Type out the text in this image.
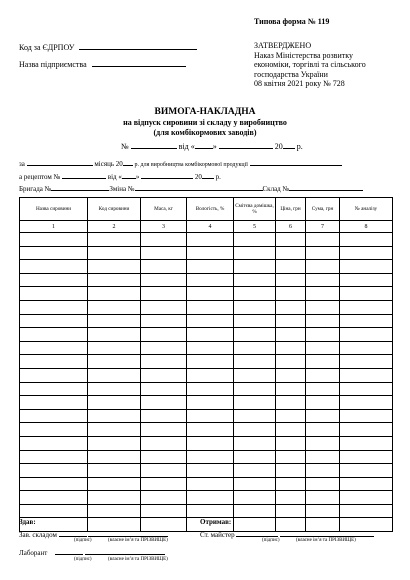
Типова форма № 119
Код за ЄДРПОУ
Назва підприємства
ЗАТВЕРДЖЕНО
Наказ Міністерства розвитку
економіки, торгівлі та сільського
господарства України
08 квітня 2021 року № 728
ВИМОГА-НАКЛАДНА
на відпуск сировини зі складу у виробництво
(для комбікормових заводів)
№	від « »	20 р.
за	місяць 20 р. для виробництва комбікормової продукції
а рецептом №	від « »	20 р.
Бригада №	Зміна №	Склад №
Назва сировини	Код сировини	Маса, кг	Вологість, %	Смітєва домішка, %	Ціна, грн	Сума, грн	№ аналізу
1	2	3	4	5	6	7	8

Здав:	Отримав:
Зав. складом
(підпис)	(власне ім’я та ПРІЗВИЩЕ)
Ст. майстер
(підпис)	(власне ім’я та ПРІЗВИЩЕ)
Лаборант
(підпис)	(власне ім’я та ПРІЗВИЩЕ)
